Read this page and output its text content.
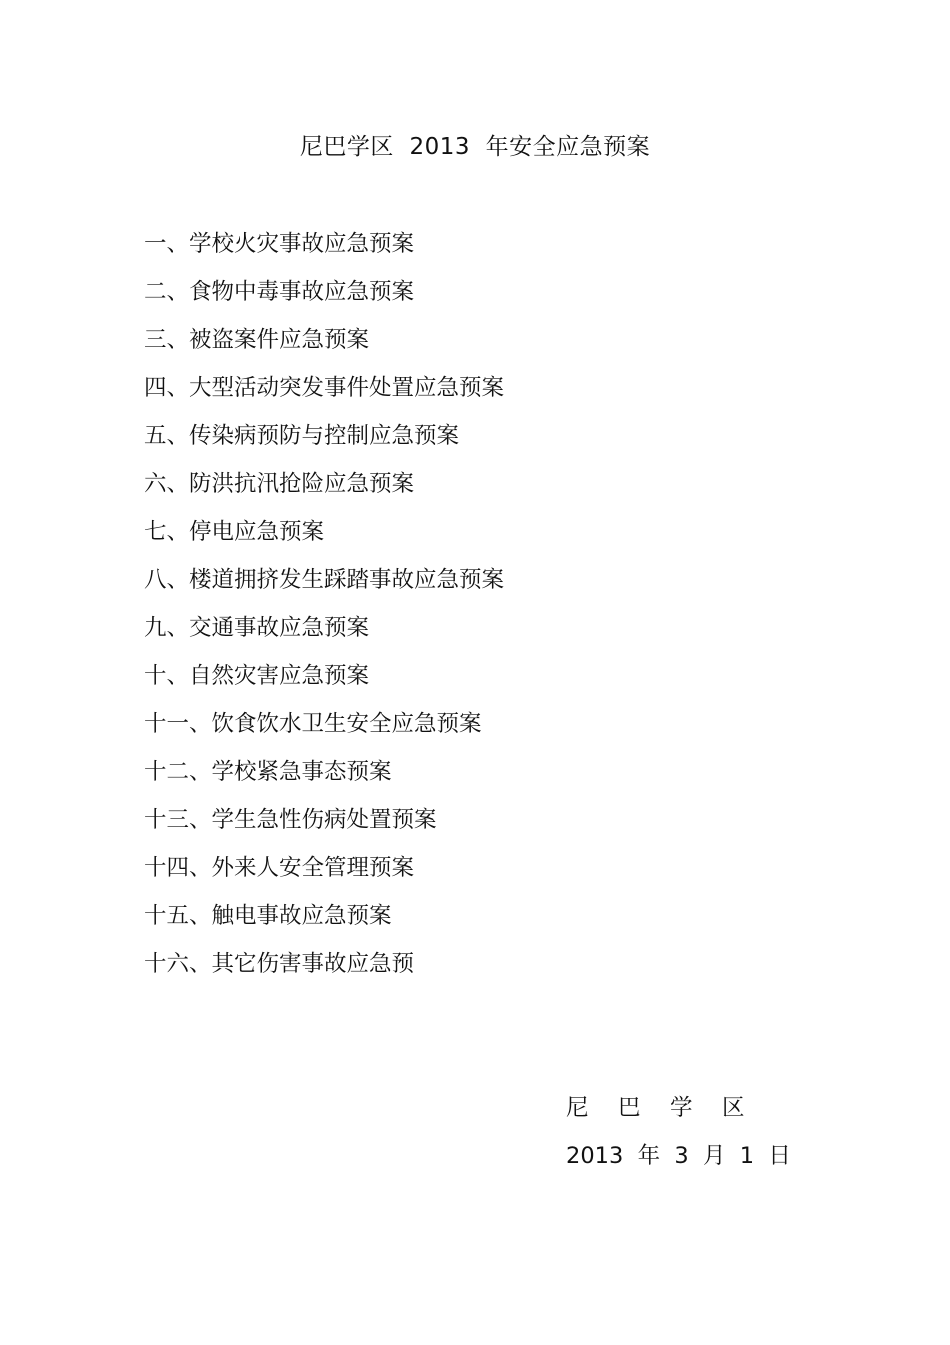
尼巴学区  2013  年安全应急预案
一、学校火灾事故应急预案
二、食物中毒事故应急预案
三、被盗案件应急预案
四、大型活动突发事件处置应急预案
五、传染病预防与控制应急预案
六、防洪抗汛抢险应急预案
七、停电应急预案
八、楼道拥挤发生踩踏事故应急预案
九、交通事故应急预案
十、自然灾害应急预案
十一、饮食饮水卫生安全应急预案
十二、学校紧急事态预案
十三、学生急性伤病处置预案
十四、外来人安全管理预案
十五、触电事故应急预案
十六、其它伤害事故应急预
尼 巴 学 区
2013  年  3  月  1  日
